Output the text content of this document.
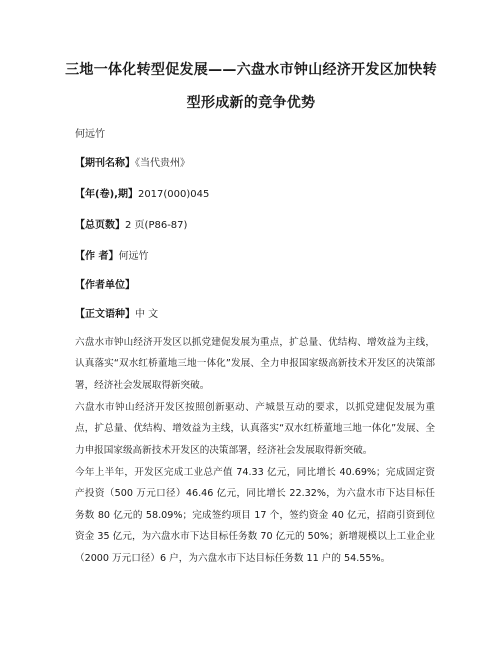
三地一体化转型促发展——六盘水市钟山经济开发区加快转
型形成新的竞争优势
何远竹
【期刊名称】《当代贵州》
【年(卷),期】2017(000)045
【总页数】2 页(P86-87)
【作 者】何远竹
【作者单位】
【正文语种】中 文
六盘水市钟山经济开发区以抓党建促发展为重点，扩总量、优结构、增效益为主线，认真落实“双水红桥董地三地一体化”发展、全力申报国家级高新技术开发区的决策部署，经济社会发展取得新突破。
六盘水市钟山经济开发区按照创新驱动、产城景互动的要求，以抓党建促发展为重点，扩总量、优结构、增效益为主线，认真落实“双水红桥董地三地一体化”发展、全力申报国家级高新技术开发区的决策部署，经济社会发展取得新突破。
今年上半年，开发区完成工业总产值 74.33 亿元，同比增长 40.69%；完成固定资产投资（500 万元口径）46.46 亿元，同比增长 22.32%，为六盘水市下达目标任务数 80 亿元的 58.09%；完成签约项目 17 个，签约资金 40 亿元，招商引资到位资金 35 亿元，为六盘水市下达目标任务数 70 亿元的 50%；新增规模以上工业企业（2000 万元口径）6 户，为六盘水市下达目标任务数 11 户的 54.55%。
